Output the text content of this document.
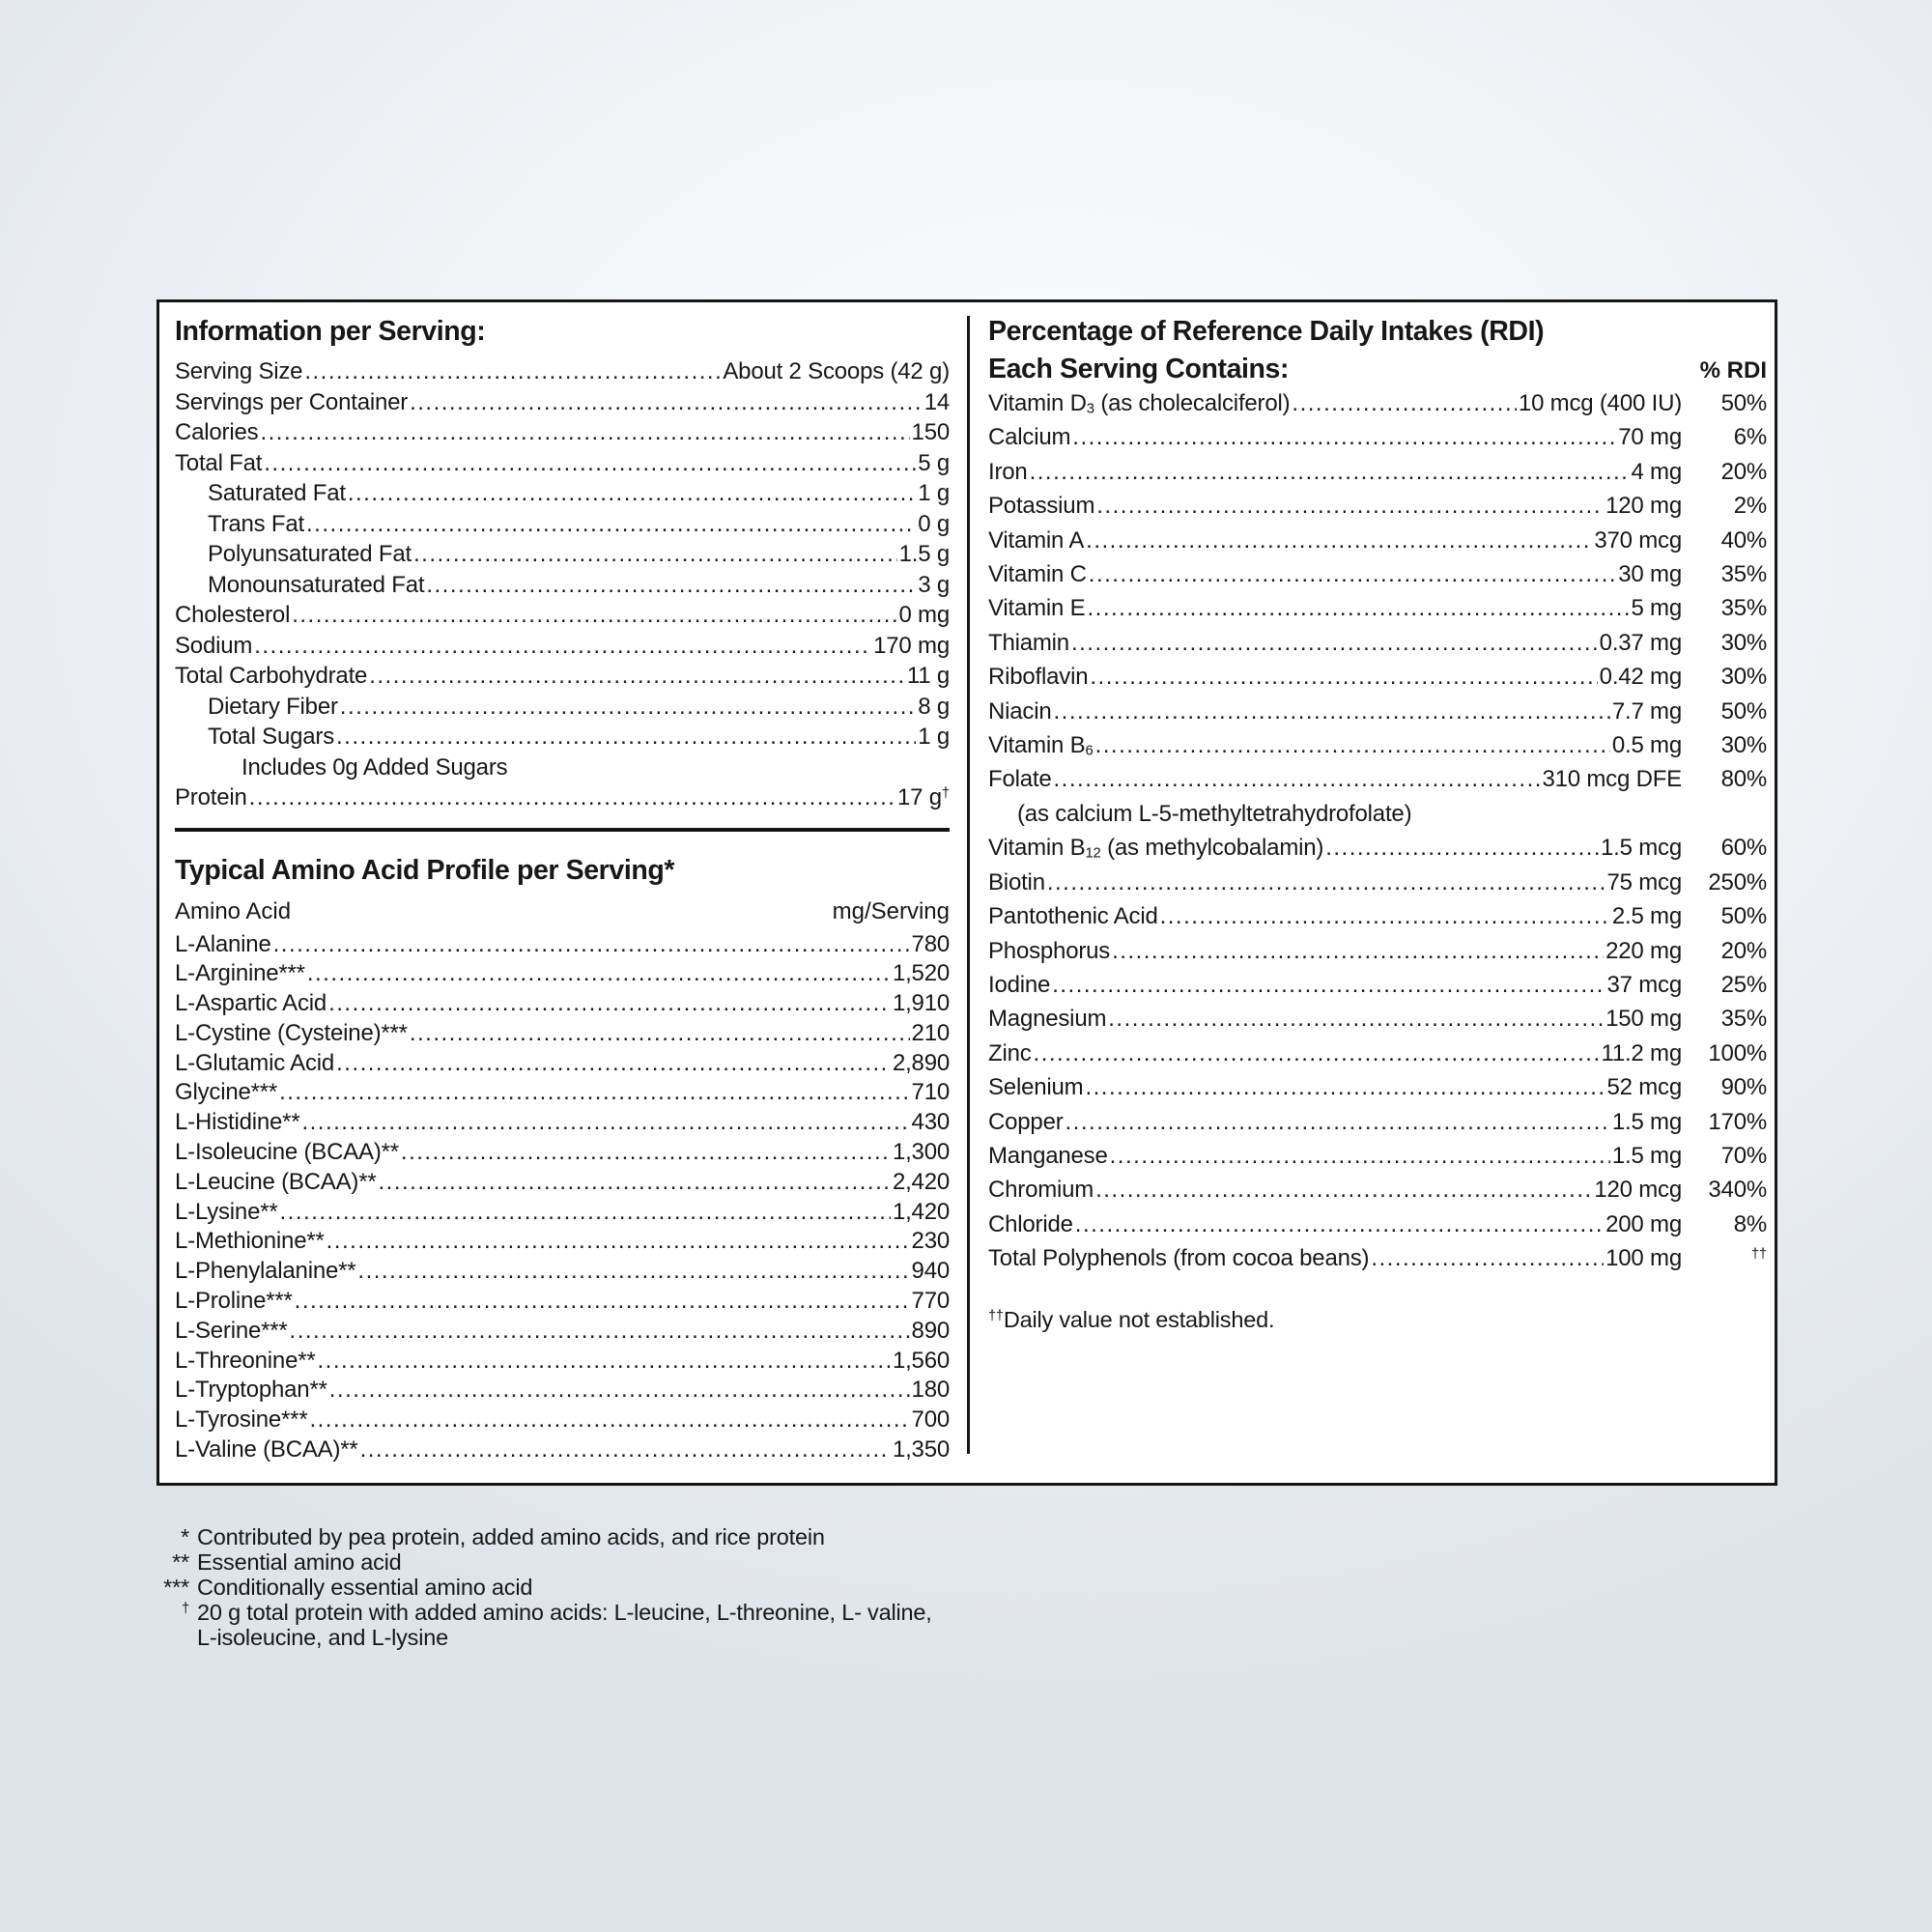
Information per Serving:
Serving Size .....	About 2 Scoops (42 g)
Servings per Container .....	14
Calories .....	150
Total Fat .....	5 g
Saturated Fat .....	1 g
Trans Fat .....	0 g
Polyunsaturated Fat .....	1.5 g
Monounsaturated Fat .....	3 g
Cholesterol .....	0 mg
Sodium .....	170 mg
Total Carbohydrate .....	11 g
Dietary Fiber .....	8 g
Total Sugars .....	1 g
Includes 0g Added Sugars
Protein .....	17 g†
Typical Amino Acid Profile per Serving*
Amino Acid	mg/Serving
L-Alanine .....	780
L-Arginine*** .....	1,520
L-Aspartic Acid .....	1,910
L-Cystine (Cysteine)*** .....	210
L-Glutamic Acid .....	2,890
Glycine*** .....	710
L-Histidine** .....	430
L-Isoleucine (BCAA)** .....	1,300
L-Leucine (BCAA)** .....	2,420
L-Lysine** .....	1,420
L-Methionine** .....	230
L-Phenylalanine** .....	940
L-Proline*** .....	770
L-Serine*** .....	890
L-Threonine** .....	1,560
L-Tryptophan** .....	180
L-Tyrosine*** .....	700
L-Valine (BCAA)** .....	1,350
Percentage of Reference Daily Intakes (RDI)
Each Serving Contains:	% RDI
Vitamin $D_3$ (as cholecalciferol) .....	10 mcg (400 IU)	50%
Calcium .....	70 mg	6%
Iron .....	4 mg	20%
Potassium .....	120 mg	2%
Vitamin A .....	370 mcg	40%
Vitamin C .....	30 mg	35%
Vitamin E .....	5 mg	35%
Thiamin .....	0.37 mg	30%
Riboflavin .....	0.42 mg	30%
Niacin .....	7.7 mg	50%
Vitamin $B_6$ .....	0.5 mg	30%
Folate .....	310 mcg DFE	80%
(as calcium L-5-methyltetrahydrofolate)
Vitamin $B_{12}$ (as methylcobalamin) .....	1.5 mcg	60%
Biotin .....	75 mcg	250%
Pantothenic Acid .....	2.5 mg	50%
Phosphorus .....	220 mg	20%
Iodine .....	37 mcg	25%
Magnesium .....	150 mg	35%
Zinc .....	11.2 mg	100%
Selenium .....	52 mcg	90%
Copper .....	1.5 mg	170%
Manganese .....	1.5 mg	70%
Chromium .....	120 mcg	340%
Chloride .....	200 mg	8%
Total Polyphenols (from cocoa beans) .....	100 mg	††
††Daily value not established.
* Contributed by pea protein, added amino acids, and rice protein
** Essential amino acid
*** Conditionally essential amino acid
† 20 g total protein with added amino acids: L-leucine, L-threonine, L- valine,
L-isoleucine, and L-lysine
